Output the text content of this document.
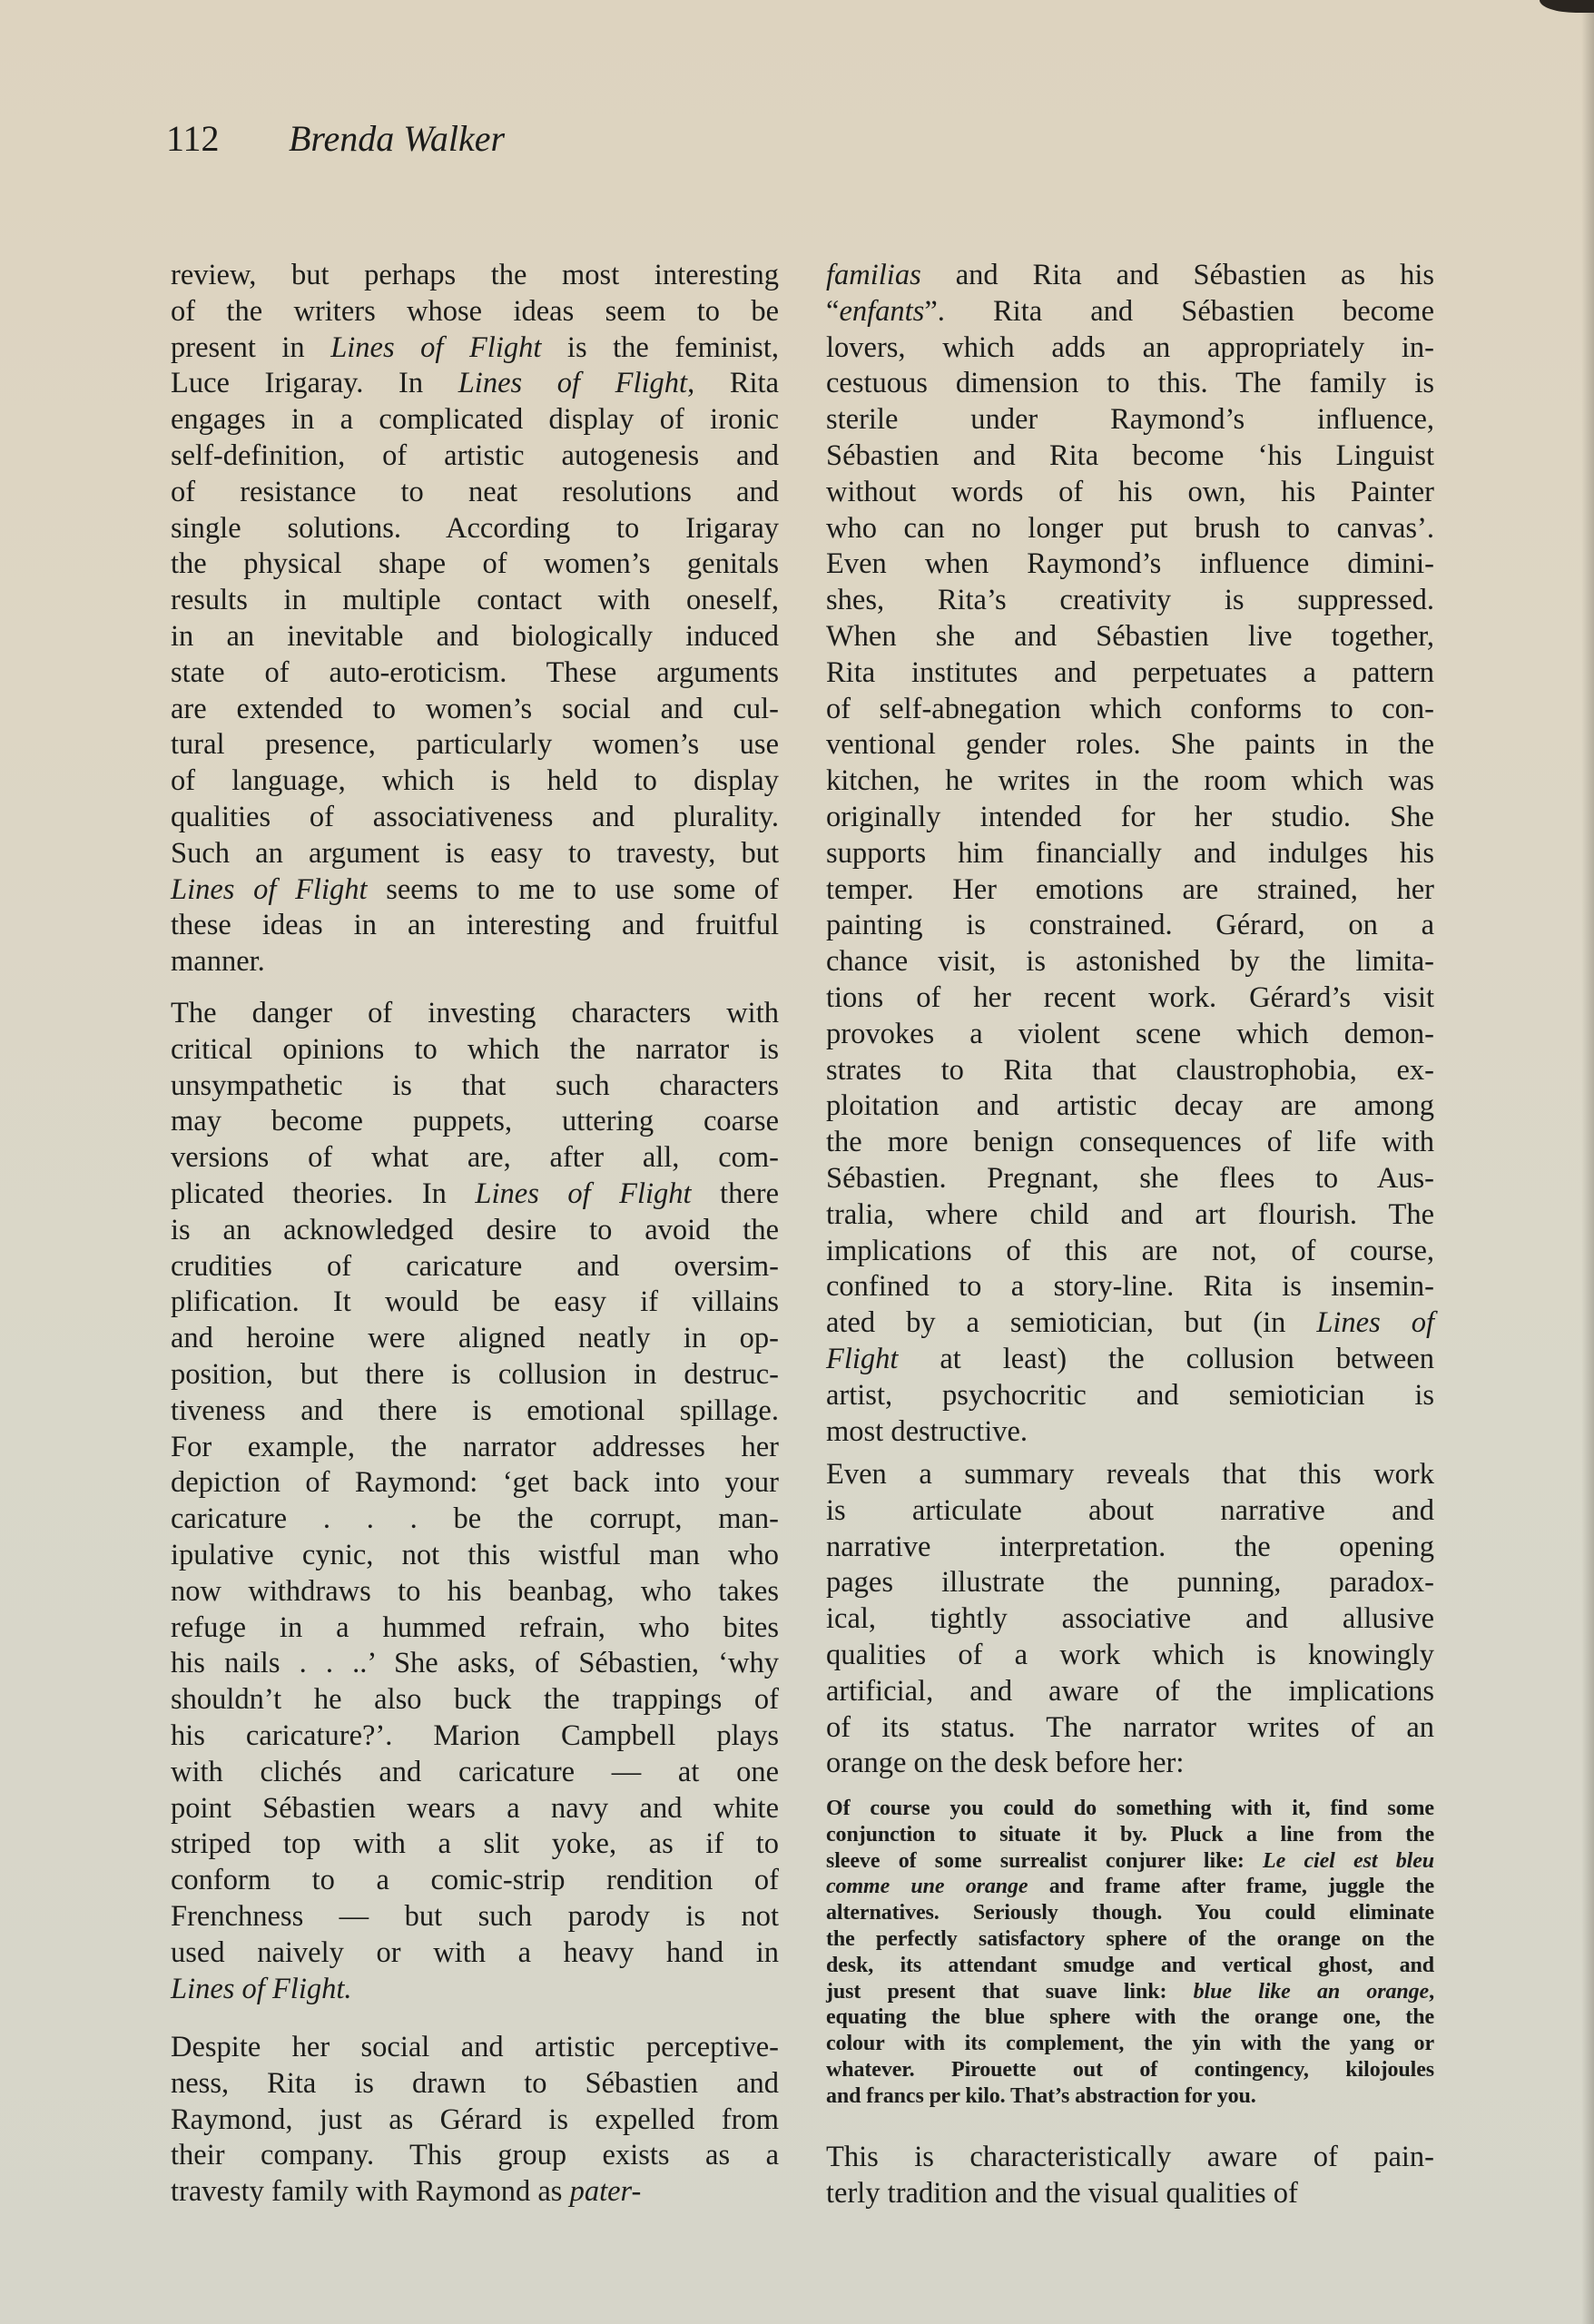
112 Brenda Walker
review, but perhaps the most interesting
of the writers whose ideas seem to be
present in Lines of Flight is the feminist,
Luce Irigaray. In Lines of Flight, Rita
engages in a complicated display of ironic
self-definition, of artistic autogenesis and
of resistance to neat resolutions and
single solutions. According to Irigaray
the physical shape of women’s genitals
results in multiple contact with oneself,
in an inevitable and biologically induced
state of auto-eroticism. These arguments
are extended to women’s social and cul-
tural presence, particularly women’s use
of language, which is held to display
qualities of associativeness and plurality.
Such an argument is easy to travesty, but
Lines of Flight seems to me to use some of
these ideas in an interesting and fruitful
manner.
The danger of investing characters with
critical opinions to which the narrator is
unsympathetic is that such characters
may become puppets, uttering coarse
versions of what are, after all, com-
plicated theories. In Lines of Flight there
is an acknowledged desire to avoid the
crudities of caricature and oversim-
plification. It would be easy if villains
and heroine were aligned neatly in op-
position, but there is collusion in destruc-
tiveness and there is emotional spillage.
For example, the narrator addresses her
depiction of Raymond: ‘get back into your
caricature . . . be the corrupt, man-
ipulative cynic, not this wistful man who
now withdraws to his beanbag, who takes
refuge in a hummed refrain, who bites
his nails . . ..’ She asks, of Sébastien, ‘why
shouldn’t he also buck the trappings of
his caricature?’. Marion Campbell plays
with clichés and caricature — at one
point Sébastien wears a navy and white
striped top with a slit yoke, as if to
conform to a comic-strip rendition of
Frenchness — but such parody is not
used naively or with a heavy hand in
Lines of Flight.
Despite her social and artistic perceptive-
ness, Rita is drawn to Sébastien and
Raymond, just as Gérard is expelled from
their company. This group exists as a
travesty family with Raymond as pater-
familias and Rita and Sébastien as his
“enfants”. Rita and Sébastien become
lovers, which adds an appropriately in-
cestuous dimension to this. The family is
sterile under Raymond’s influence,
Sébastien and Rita become ‘his Linguist
without words of his own, his Painter
who can no longer put brush to canvas’.
Even when Raymond’s influence dimini-
shes, Rita’s creativity is suppressed.
When she and Sébastien live together,
Rita institutes and perpetuates a pattern
of self-abnegation which conforms to con-
ventional gender roles. She paints in the
kitchen, he writes in the room which was
originally intended for her studio. She
supports him financially and indulges his
temper. Her emotions are strained, her
painting is constrained. Gérard, on a
chance visit, is astonished by the limita-
tions of her recent work. Gérard’s visit
provokes a violent scene which demon-
strates to Rita that claustrophobia, ex-
ploitation and artistic decay are among
the more benign consequences of life with
Sébastien. Pregnant, she flees to Aus-
tralia, where child and art flourish. The
implications of this are not, of course,
confined to a story-line. Rita is insemin-
ated by a semiotician, but (in Lines of
Flight at least) the collusion between
artist, psychocritic and semiotician is
most destructive.
Even a summary reveals that this work
is articulate about narrative and
narrative interpretation. the opening
pages illustrate the punning, paradox-
ical, tightly associative and allusive
qualities of a work which is knowingly
artificial, and aware of the implications
of its status. The narrator writes of an
orange on the desk before her:
Of course you could do something with it, find some
conjunction to situate it by. Pluck a line from the
sleeve of some surrealist conjurer like: Le ciel est bleu
comme une orange and frame after frame, juggle the
alternatives. Seriously though. You could eliminate
the perfectly satisfactory sphere of the orange on the
desk, its attendant smudge and vertical ghost, and
just present that suave link: blue like an orange,
equating the blue sphere with the orange one, the
colour with its complement, the yin with the yang or
whatever. Pirouette out of contingency, kilojoules
and francs per kilo. That’s abstraction for you.
This is characteristically aware of pain-
terly tradition and the visual qualities of
